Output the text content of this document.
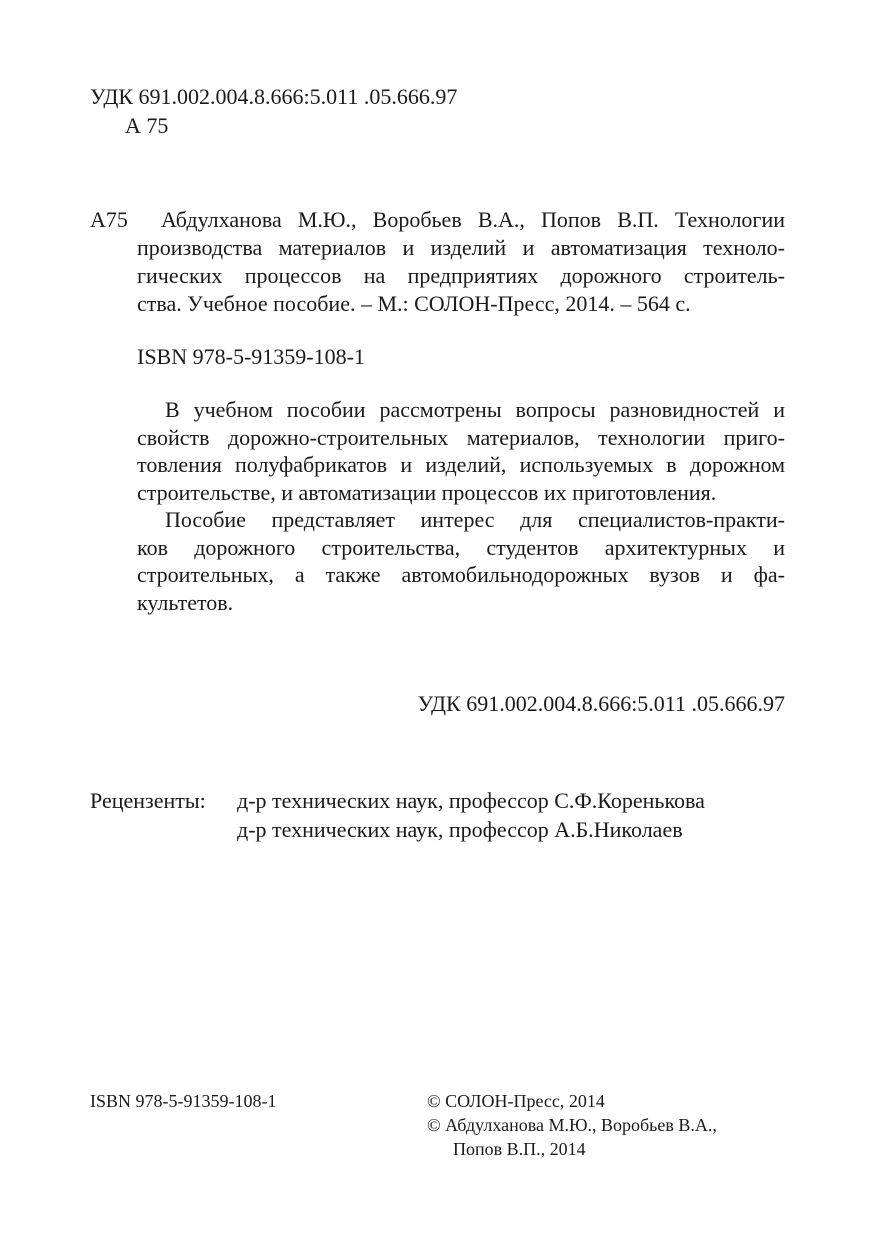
УДК 691.002.004.8.666:5.011 .05.666.97
А 75
А75	Абдулханова М.Ю., Воробьев В.А., Попов В.П. Технологии
производства материалов и изделий и автоматизация техноло-
гических процессов на предприятиях дорожного строитель-
ства. Учебное пособие. – М.: СОЛОН-Пресс, 2014. – 564 с.
ISBN 978-5-91359-108-1
В учебном пособии рассмотрены вопросы разновидностей и
свойств дорожно-строительных материалов, технологии приго-
товления полуфабрикатов и изделий, используемых в дорожном
строительстве, и автоматизации процессов их приготовления.
Пособие представляет интерес для специалистов-практи-
ков дорожного строительства, студентов архитектурных и
строительных, а также автомобильнодорожных вузов и фа-
культетов.
УДК 691.002.004.8.666:5.011 .05.666.97
Рецензенты: д-р технических наук, профессор С.Ф.Коренькова
д-р технических наук, профессор А.Б.Николаев
ISBN 978-5-91359-108-1	© СОЛОН-Пресс, 2014
© Абдулханова М.Ю., Воробьев В.А.,
Попов В.П., 2014
